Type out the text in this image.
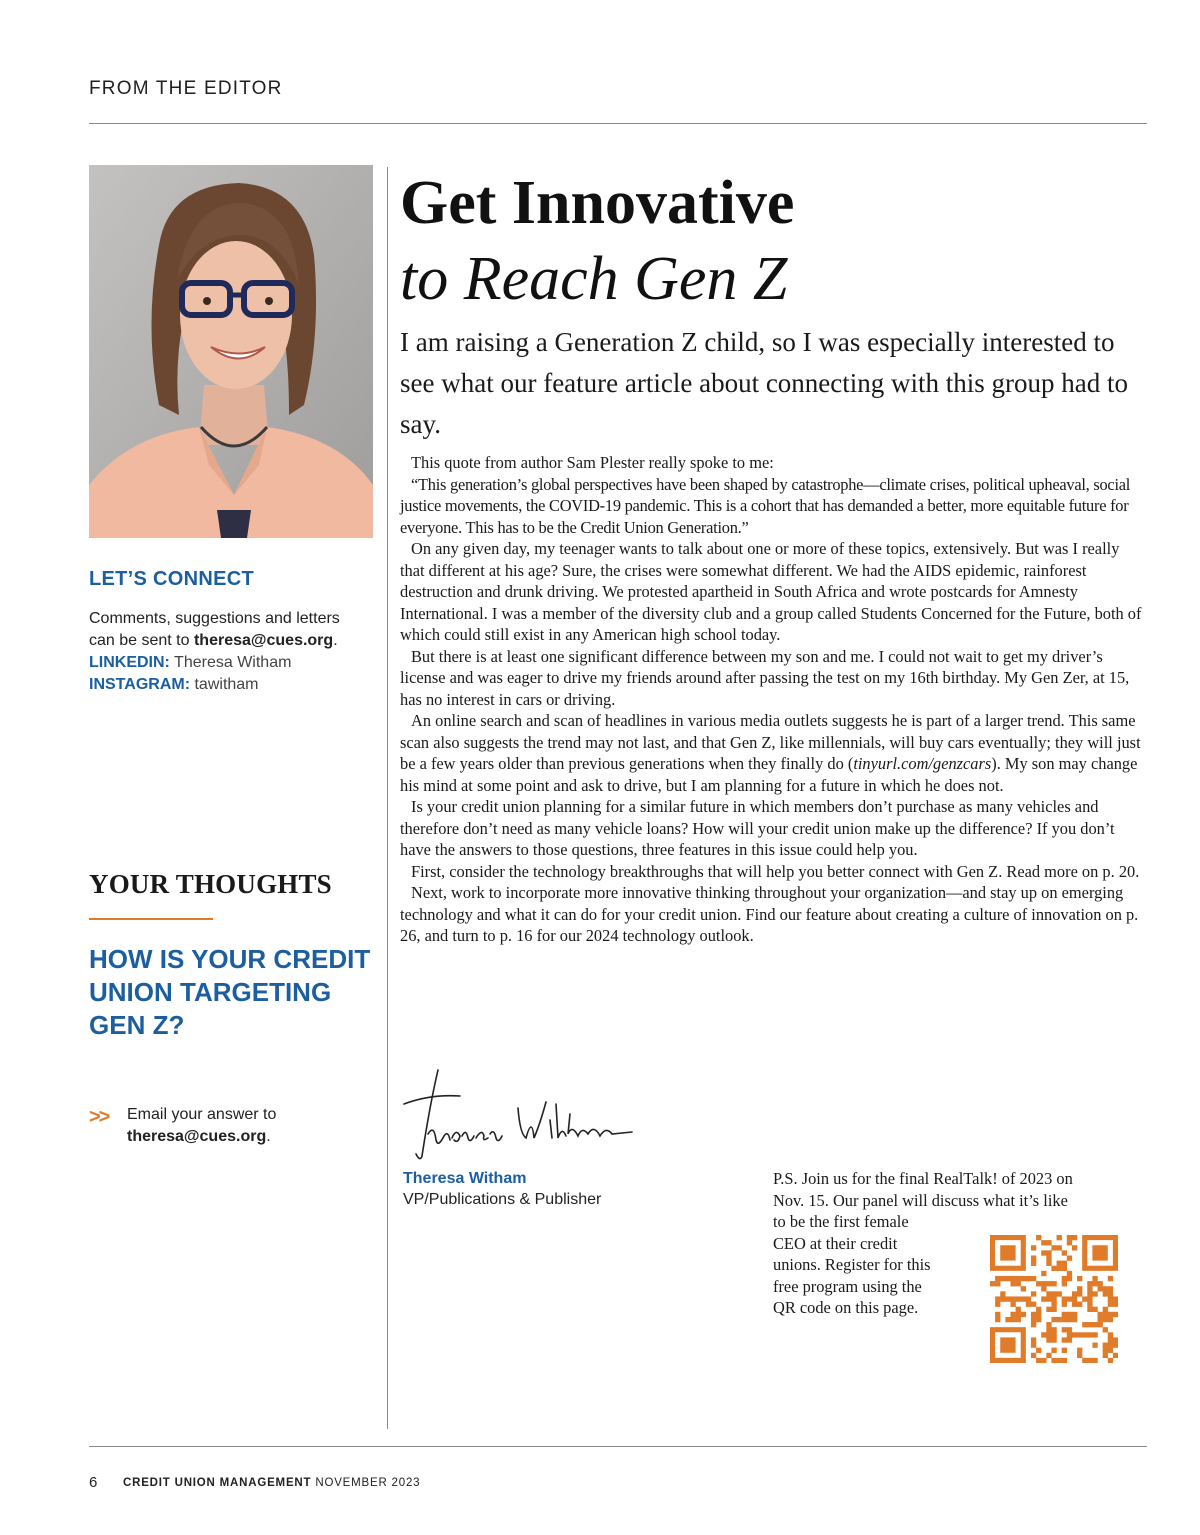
FROM THE EDITOR
LET’S CONNECT
Comments, suggestions and letters
can be sent to theresa@cues.org.
LINKEDIN: Theresa Witham
INSTAGRAM: tawitham
YOUR THOUGHTS
HOW IS YOUR CREDIT UNION TARGETING GEN Z?
>> Email your answer to
theresa@cues.org.
Get Innovative
to Reach Gen Z
I am raising a Generation Z child, so I was especially interested to see what our feature article about connecting with this group had to say.

This quote from author Sam Plester really spoke to me:

“This generation’s global perspectives have been shaped by catastrophe—climate crises, political upheaval, social justice movements, the COVID-19 pandemic. This is a cohort that has demanded a better, more equitable future for everyone. This has to be the Credit Union Generation.”

On any given day, my teenager wants to talk about one or more of these topics, extensively. But was I really that different at his age? Sure, the crises were somewhat different. We had the AIDS epidemic, rainforest destruction and drunk driving. We protested apartheid in South Africa and wrote postcards for Amnesty International. I was a member of the diversity club and a group called Students Concerned for the Future, both of which could still exist in any American high school today.

But there is at least one significant difference between my son and me. I could not wait to get my driver’s license and was eager to drive my friends around after passing the test on my 16th birthday. My Gen Zer, at 15, has no interest in cars or driving.

An online search and scan of headlines in various media outlets suggests he is part of a larger trend. This same scan also suggests the trend may not last, and that Gen Z, like millennials, will buy cars eventually; they will just be a few years older than previous generations when they finally do (tinyurl.com/genzcars). My son may change his mind at some point and ask to drive, but I am planning for a future in which he does not.

Is your credit union planning for a similar future in which members don’t purchase as many vehicles and therefore don’t need as many vehicle loans? How will your credit union make up the difference? If you don’t have the answers to those questions, three features in this issue could help you.

First, consider the technology breakthroughs that will help you better connect with Gen Z. Read more on p. 20.

Next, work to incorporate more innovative thinking throughout your organization—and stay up on emerging technology and what it can do for your credit union. Find our feature about creating a culture of innovation on p. 26, and turn to p. 16 for our 2024 technology outlook.

Theresa Witham
VP/Publications & Publisher
P.S. Join us for the final RealTalk! of 2023 on
Nov. 15. Our panel will discuss what it’s like
to be the first female
CEO at their credit
unions. Register for this
free program using the
QR code on this page.
6 CREDIT UNION MANAGEMENT NOVEMBER 2023
